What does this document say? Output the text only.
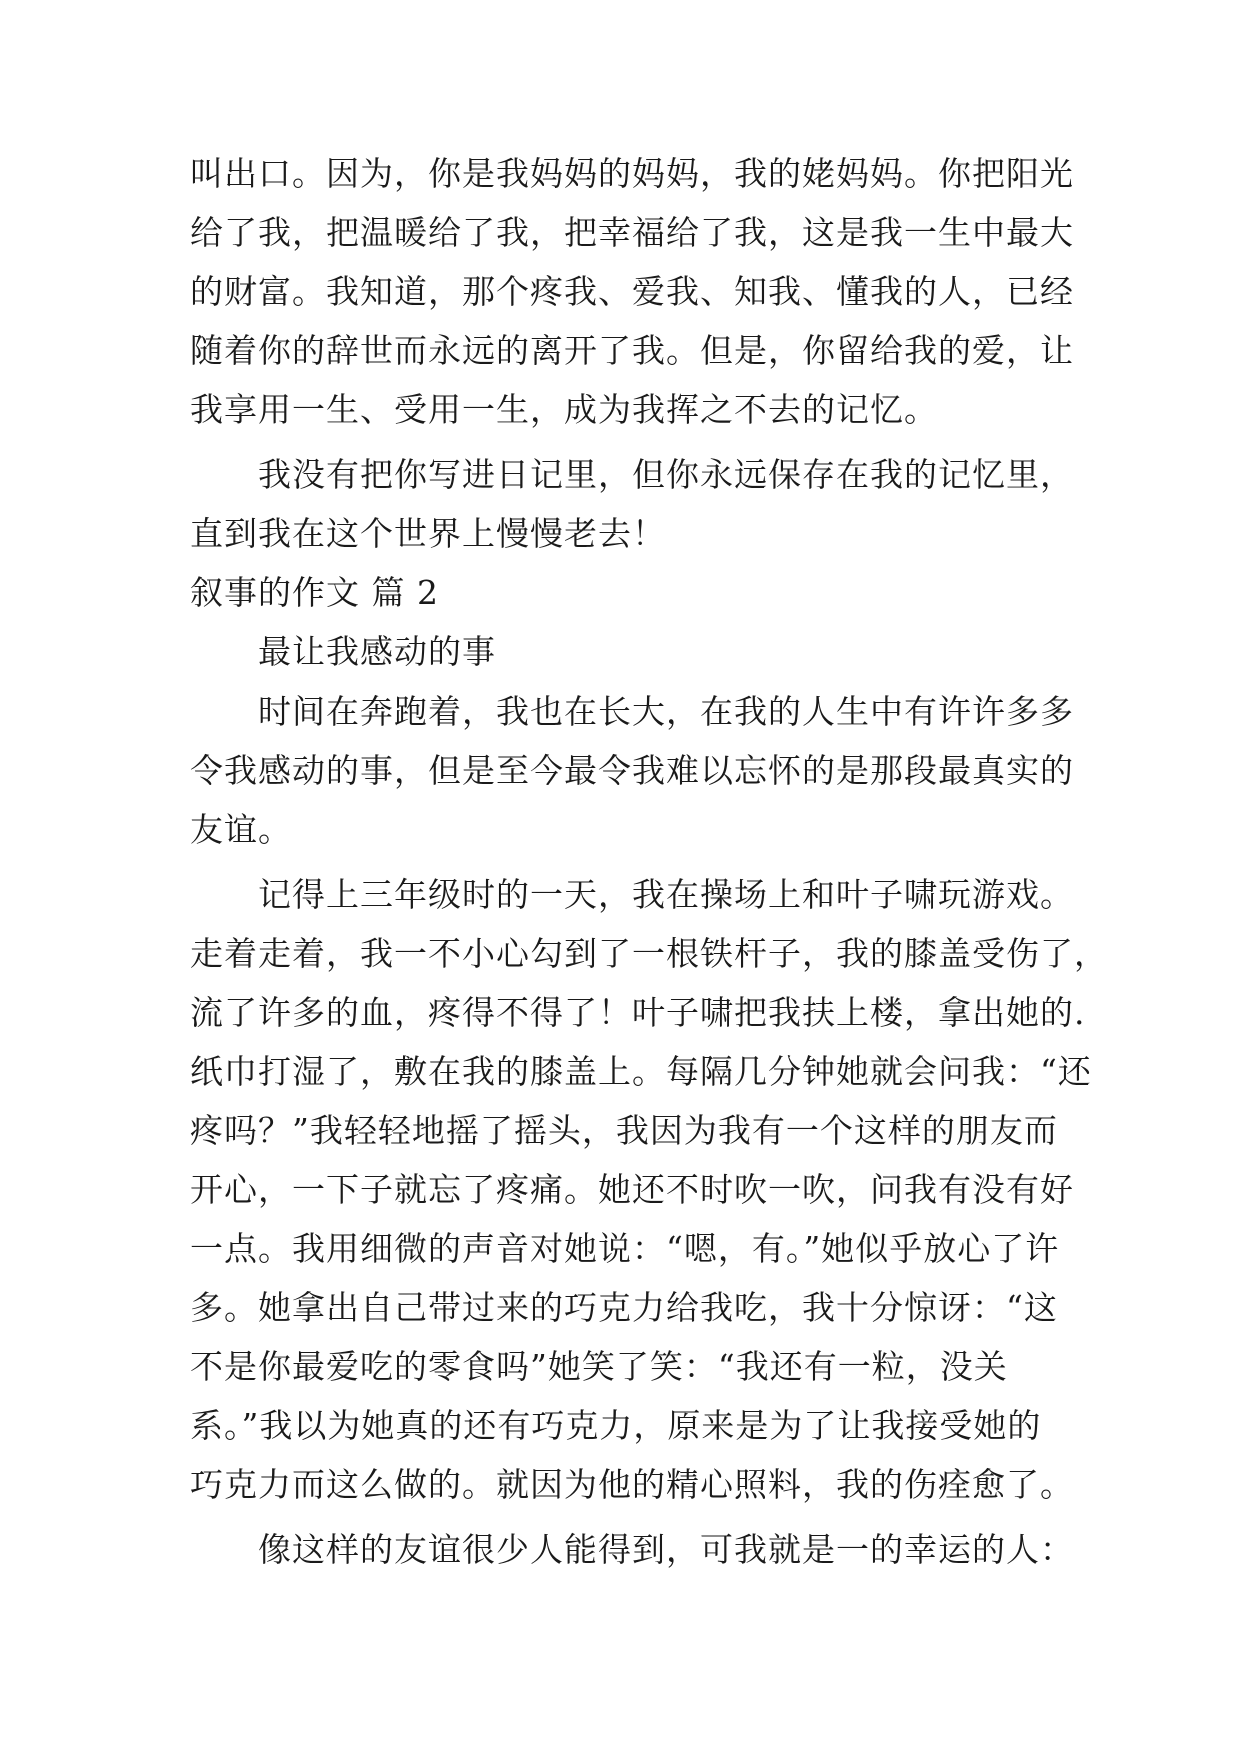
叫出口。因为，你是我妈妈的妈妈，我的姥妈妈。你把阳光
给了我，把温暖给了我，把幸福给了我，这是我一生中最大
的财富。我知道，那个疼我、爱我、知我、懂我的人，已经
随着你的辞世而永远的离开了我。但是，你留给我的爱，让
我享用一生、受用一生，成为我挥之不去的记忆。
我没有把你写进日记里，但你永远保存在我的记忆里，
直到我在这个世界上慢慢老去！
叙事的作文 篇 2
最让我感动的事
时间在奔跑着，我也在长大，在我的人生中有许许多多
令我感动的事，但是至今最令我难以忘怀的是那段最真实的
友谊。
记得上三年级时的一天，我在操场上和叶子啸玩游戏。
走着走着，我一不小心勾到了一根铁杆子，我的膝盖受伤了，
流了许多的血，疼得不得了！叶子啸把我扶上楼，拿出她的.
纸巾打湿了，敷在我的膝盖上。每隔几分钟她就会问我：“还
疼吗？”我轻轻地摇了摇头，我因为我有一个这样的朋友而
开心，一下子就忘了疼痛。她还不时吹一吹，问我有没有好
一点。我用细微的声音对她说：“嗯，有。”她似乎放心了许
多。她拿出自己带过来的巧克力给我吃，我十分惊讶：“这
不是你最爱吃的零食吗”她笑了笑：“我还有一粒，没关
系。”我以为她真的还有巧克力，原来是为了让我接受她的
巧克力而这么做的。就因为他的精心照料，我的伤痊愈了。
像这样的友谊很少人能得到，可我就是一的幸运的人：
